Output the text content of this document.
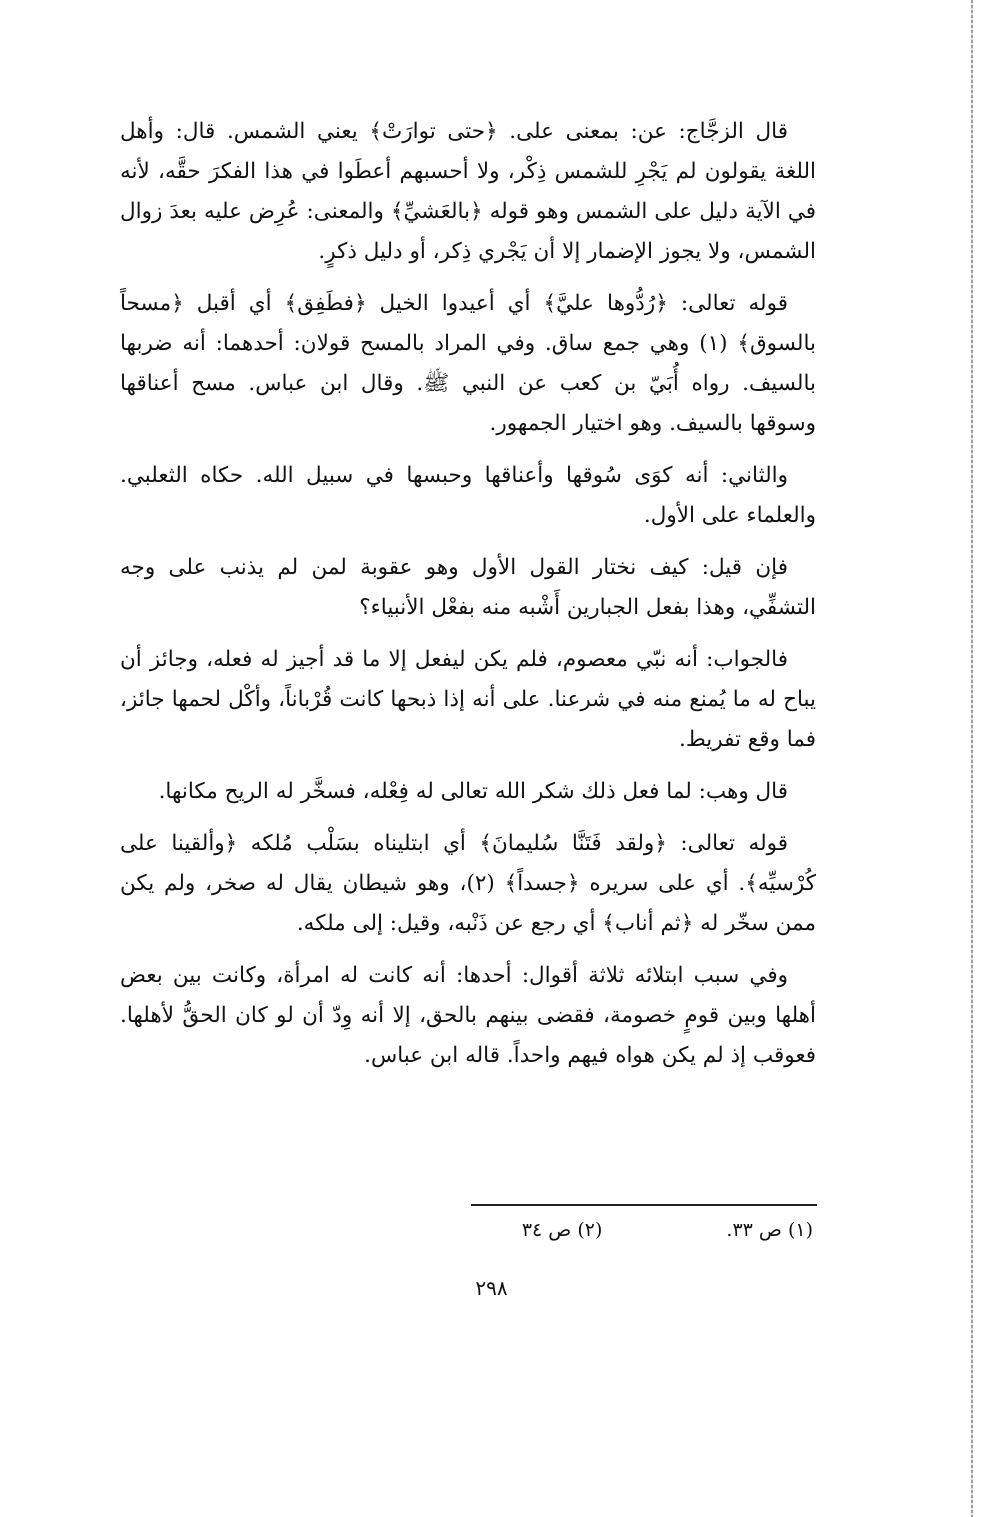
قال الزجَّاج: عن: بمعنى على. ﴿حتى توارَتْ﴾ يعني الشمس. قال: وأهل اللغة يقولون لم يَجْرِ للشمس ذِكْر، ولا أحسبهم أعطَوا في هذا الفكرَ حقَّه، لأنه في الآية دليل على الشمس وهو قوله ﴿بالعَشيِّ﴾ والمعنى: عُرِض عليه بعدَ زوال الشمس، ولا يجوز الإضمار إلا أن يَجْري ذِكر، أو دليل ذكرٍ.

قوله تعالى: ﴿رُدُّوها عليَّ﴾ أي أعيدوا الخيل ﴿فطَفِق﴾ أي أقبل ﴿مسحاً بالسوق﴾ (١) وهي جمع ساق. وفي المراد بالمسح قولان: أحدهما: أنه ضربها بالسيف. رواه أُبَيّ بن كعب عن النبي ﷺ. وقال ابن عباس. مسح أعناقها وسوقها بالسيف. وهو اختيار الجمهور.

والثاني: أنه كوَى سُوقها وأعناقها وحبسها في سبيل الله. حكاه الثعلبي. والعلماء على الأول.

فإن قيل: كيف نختار القول الأول وهو عقوبة لمن لم يذنب على وجه التشفِّي، وهذا بفعل الجبارين أَشْبه منه بفعْل الأنبياء؟

فالجواب: أنه نبّي معصوم، فلم يكن ليفعل إلا ما قد أجيز له فعله، وجائز أن يباح له ما يُمنع منه في شرعنا. على أنه إذا ذبحها كانت قُرْباناً، وأكْل لحمها جائز، فما وقع تفريط.

قال وهب: لما فعل ذلك شكر الله تعالى له فِعْله، فسخَّر له الريح مكانها.

قوله تعالى: ﴿ولقد فَتَنَّا سُليمانَ﴾ أي ابتليناه بسَلْب مُلكه ﴿وألقينا على كُرْسيِّه﴾. أي على سريره ﴿جسداً﴾ (٢)، وهو شيطان يقال له صخر، ولم يكن ممن سخّر له ﴿ثم أناب﴾ أي رجع عن ذَنْبه، وقيل: إلى ملكه.

وفي سبب ابتلائه ثلاثة أقوال: أحدها: أنه كانت له امرأة، وكانت بين بعض أهلها وبين قومٍ خصومة، فقضى بينهم بالحق، إلا أنه وِدّ أن لو كان الحقُّ لأهلها. فعوقب إذ لم يكن هواه فيهم واحداً. قاله ابن عباس.

(١) ص ٣٣. (٢) ص ٣٤
٢٩٨
